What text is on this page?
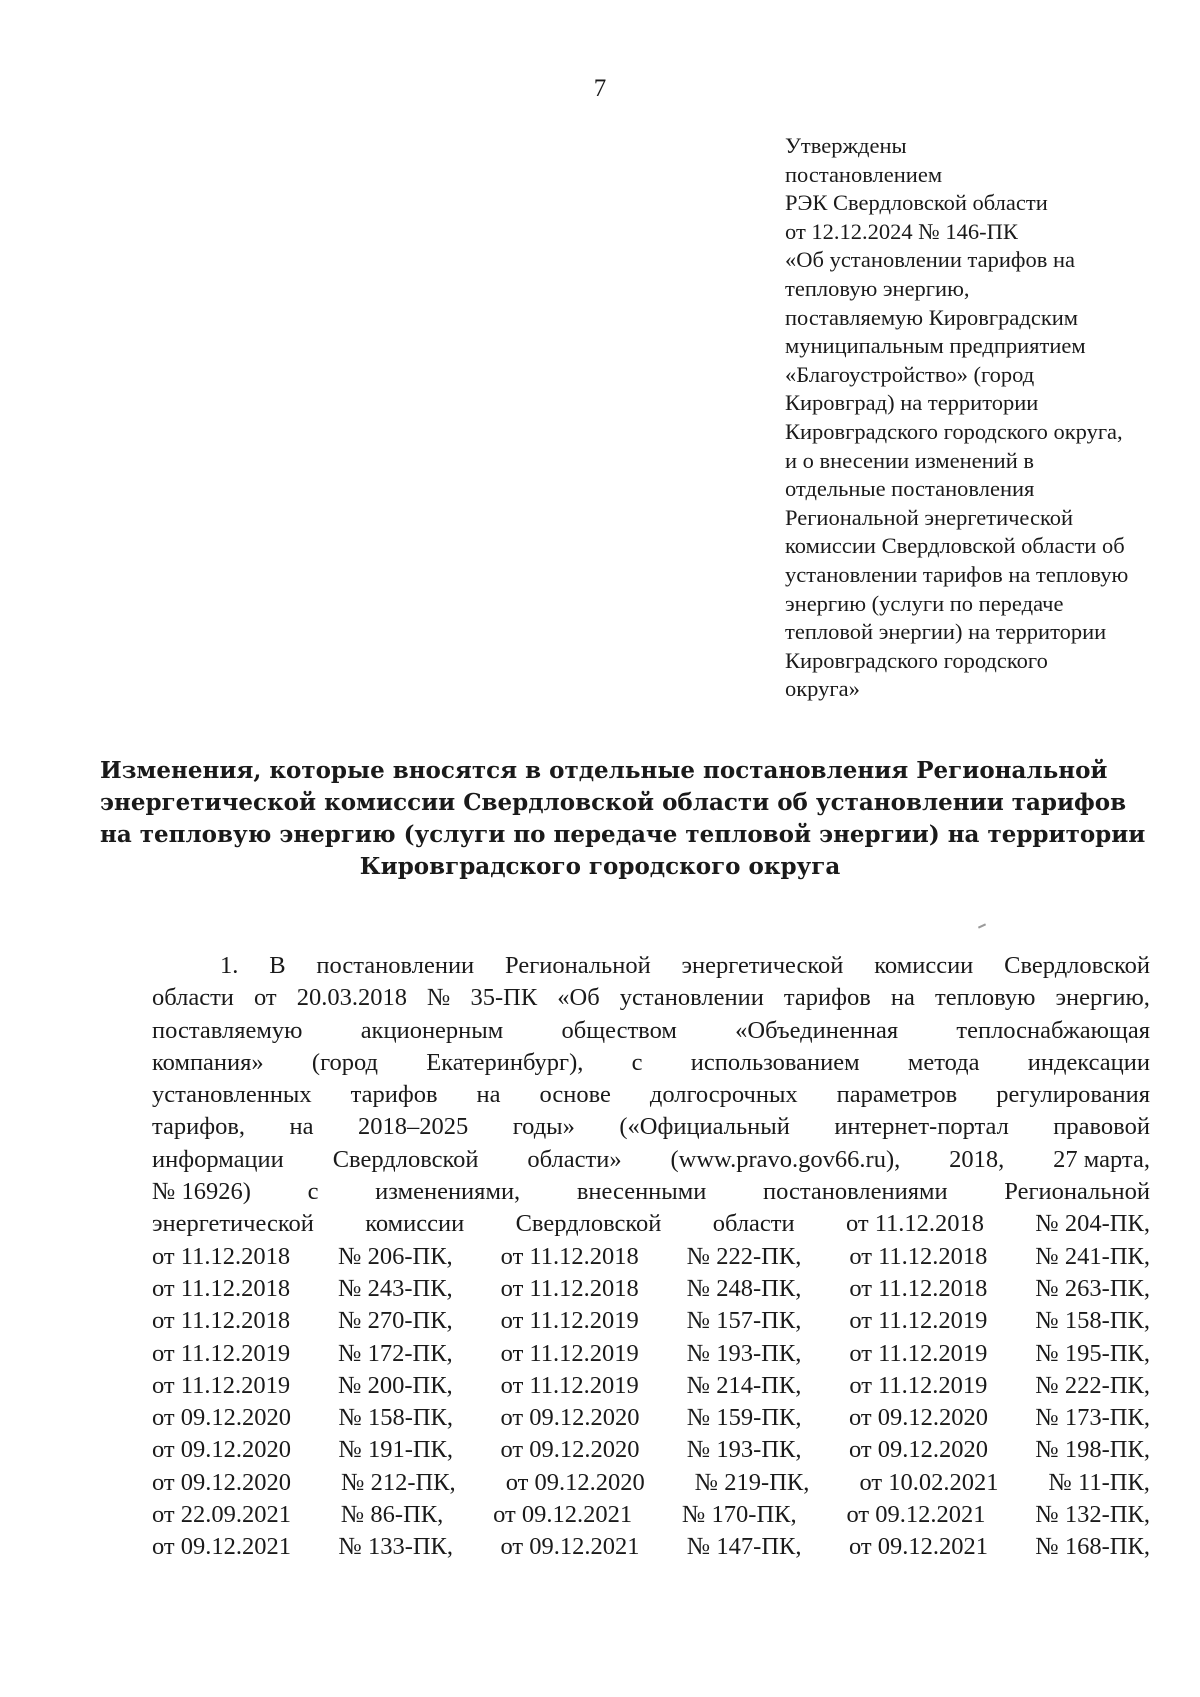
7
Утверждены
постановлением
РЭК Свердловской области
от 12.12.2024 № 146-ПК
«Об установлении тарифов на
тепловую энергию,
поставляемую Кировградским
муниципальным предприятием
«Благоустройство» (город
Кировград) на территории
Кировградского городского округа,
и о внесении изменений в
отдельные постановления
Региональной энергетической
комиссии Свердловской области об
установлении тарифов на тепловую
энергию (услуги по передаче
тепловой энергии) на территории
Кировградского городского
округа»
Изменения, которые вносятся в отдельные постановления Региональной
энергетической комиссии Свердловской области об установлении тарифов
на тепловую энергию (услуги по передаче тепловой энергии) на территории
Кировградского городского округа
1. В постановлении Региональной энергетической комиссии Свердловской
области от 20.03.2018 № 35-ПК «Об установлении тарифов на тепловую энергию,
поставляемую акционерным обществом «Объединенная теплоснабжающая
компания» (город Екатеринбург), с использованием метода индексации
установленных тарифов на основе долгосрочных параметров регулирования
тарифов, на 2018–2025 годы» («Официальный интернет-портал правовой
информации Свердловской области» (www.pravo.gov66.ru), 2018, 27 марта,
№ 16926) с изменениями, внесенными постановлениями Региональной
энергетической комиссии Свердловской области от 11.12.2018 № 204-ПК,
от 11.12.2018 № 206-ПК, от 11.12.2018 № 222-ПК, от 11.12.2018 № 241-ПК,
от 11.12.2018 № 243-ПК, от 11.12.2018 № 248-ПК, от 11.12.2018 № 263-ПК,
от 11.12.2018 № 270-ПК, от 11.12.2019 № 157-ПК, от 11.12.2019 № 158-ПК,
от 11.12.2019 № 172-ПК, от 11.12.2019 № 193-ПК, от 11.12.2019 № 195-ПК,
от 11.12.2019 № 200-ПК, от 11.12.2019 № 214-ПК, от 11.12.2019 № 222-ПК,
от 09.12.2020 № 158-ПК, от 09.12.2020 № 159-ПК, от 09.12.2020 № 173-ПК,
от 09.12.2020 № 191-ПК, от 09.12.2020 № 193-ПК, от 09.12.2020 № 198-ПК,
от 09.12.2020 № 212-ПК, от 09.12.2020 № 219-ПК, от 10.02.2021 № 11-ПК,
от 22.09.2021 № 86-ПК, от 09.12.2021 № 170-ПК, от 09.12.2021 № 132-ПК,
от 09.12.2021 № 133-ПК, от 09.12.2021 № 147-ПК, от 09.12.2021 № 168-ПК,
